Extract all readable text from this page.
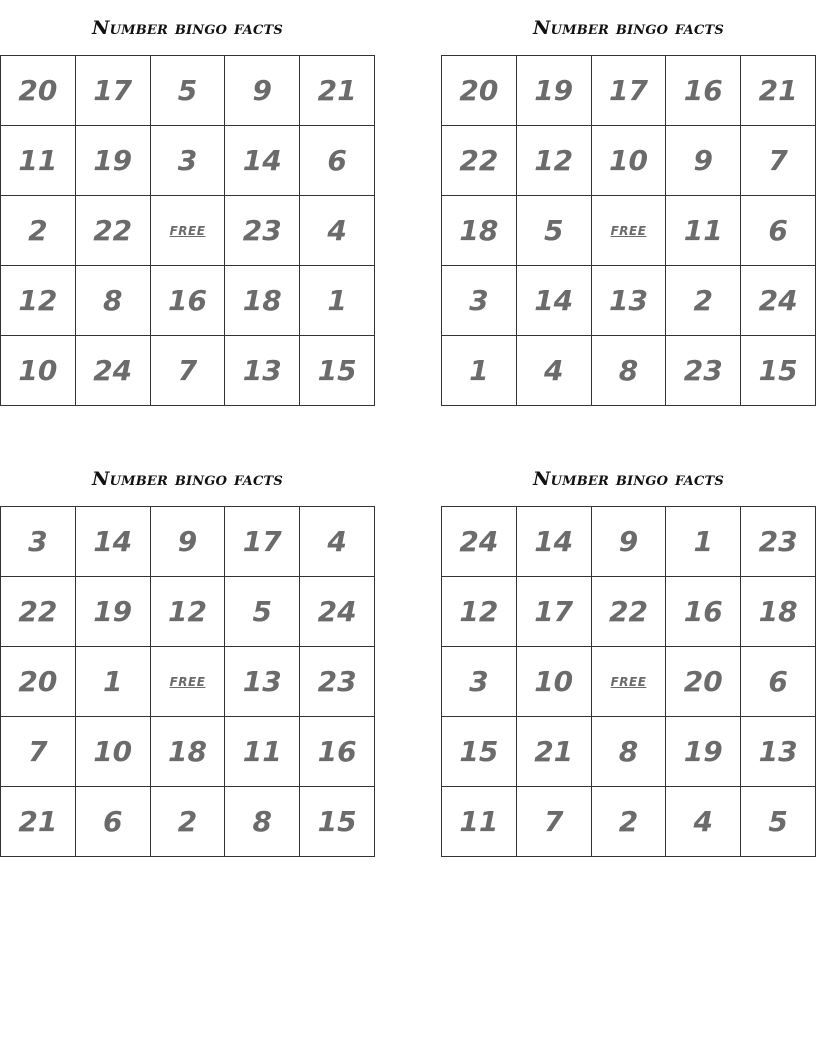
Number bingo facts
20	17	5	9	21
11	19	3	14	6
2	22	FREE	23	4
12	8	16	18	1
10	24	7	13	15
Number bingo facts
20	19	17	16	21
22	12	10	9	7
18	5	FREE	11	6
3	14	13	2	24
1	4	8	23	15
Number bingo facts
3	14	9	17	4
22	19	12	5	24
20	1	FREE	13	23
7	10	18	11	16
21	6	2	8	15
Number bingo facts
24	14	9	1	23
12	17	22	16	18
3	10	FREE	20	6
15	21	8	19	13
11	7	2	4	5
